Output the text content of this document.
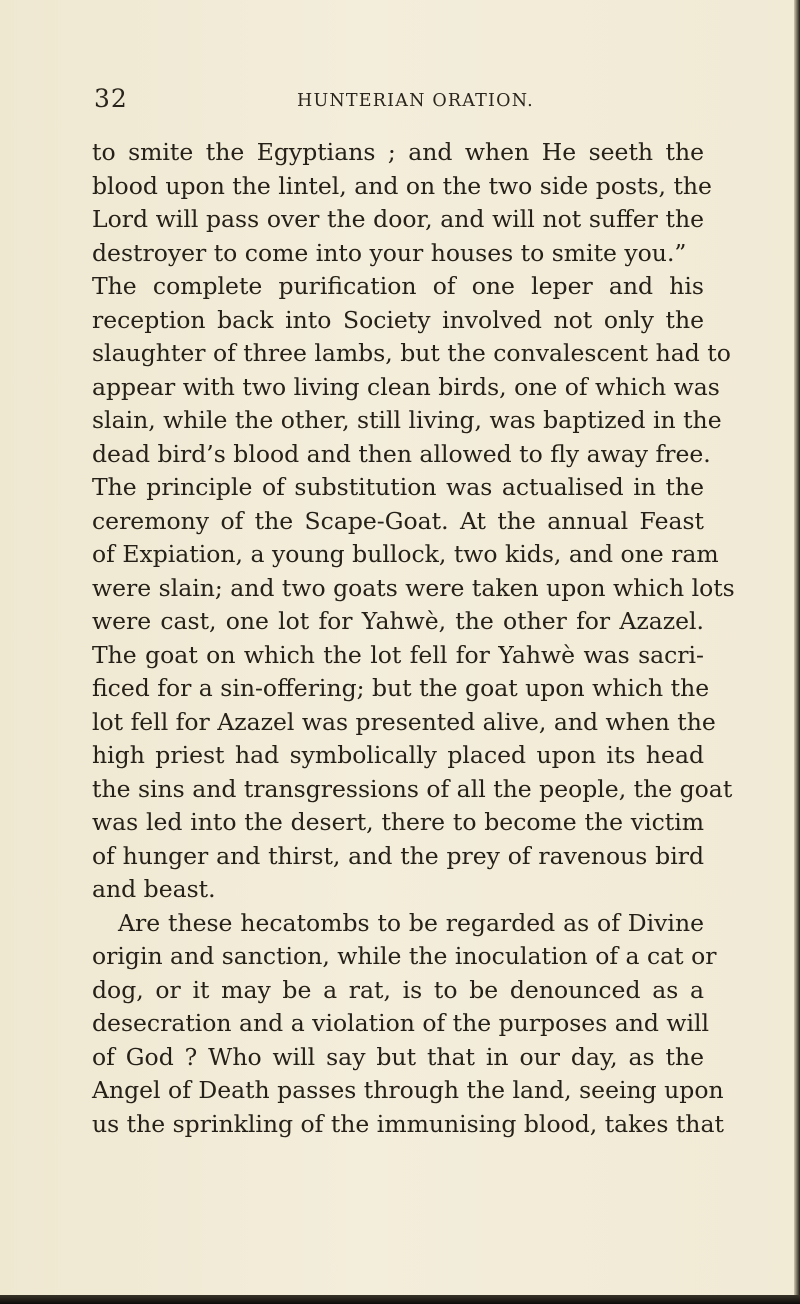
32	HUNTERIAN ORATION.
to smite the Egyptians ; and when He seeth the
blood upon the lintel, and on the two side posts, the
Lord will pass over the door, and will not suffer the
destroyer to come into your houses to smite you.”
The complete purification of one leper and his
reception back into Society involved not only the
slaughter of three lambs, but the convalescent had to
appear with two living clean birds, one of which was
slain, while the other, still living, was baptized in the
dead bird’s blood and then allowed to fly away free.
The principle of substitution was actualised in the
ceremony of the Scape-Goat. At the annual Feast
of Expiation, a young bullock, two kids, and one ram
were slain; and two goats were taken upon which lots
were cast, one lot for Yahwè, the other for Azazel.
The goat on which the lot fell for Yahwè was sacri-
ficed for a sin-offering; but the goat upon which the
lot fell for Azazel was presented alive, and when the
high priest had symbolically placed upon its head
the sins and transgressions of all the people, the goat
was led into the desert, there to become the victim
of hunger and thirst, and the prey of ravenous bird
and beast.
Are these hecatombs to be regarded as of Divine
origin and sanction, while the inoculation of a cat or
dog, or it may be a rat, is to be denounced as a
desecration and a violation of the purposes and will
of God ? Who will say but that in our day, as the
Angel of Death passes through the land, seeing upon
us the sprinkling of the immunising blood, takes that
